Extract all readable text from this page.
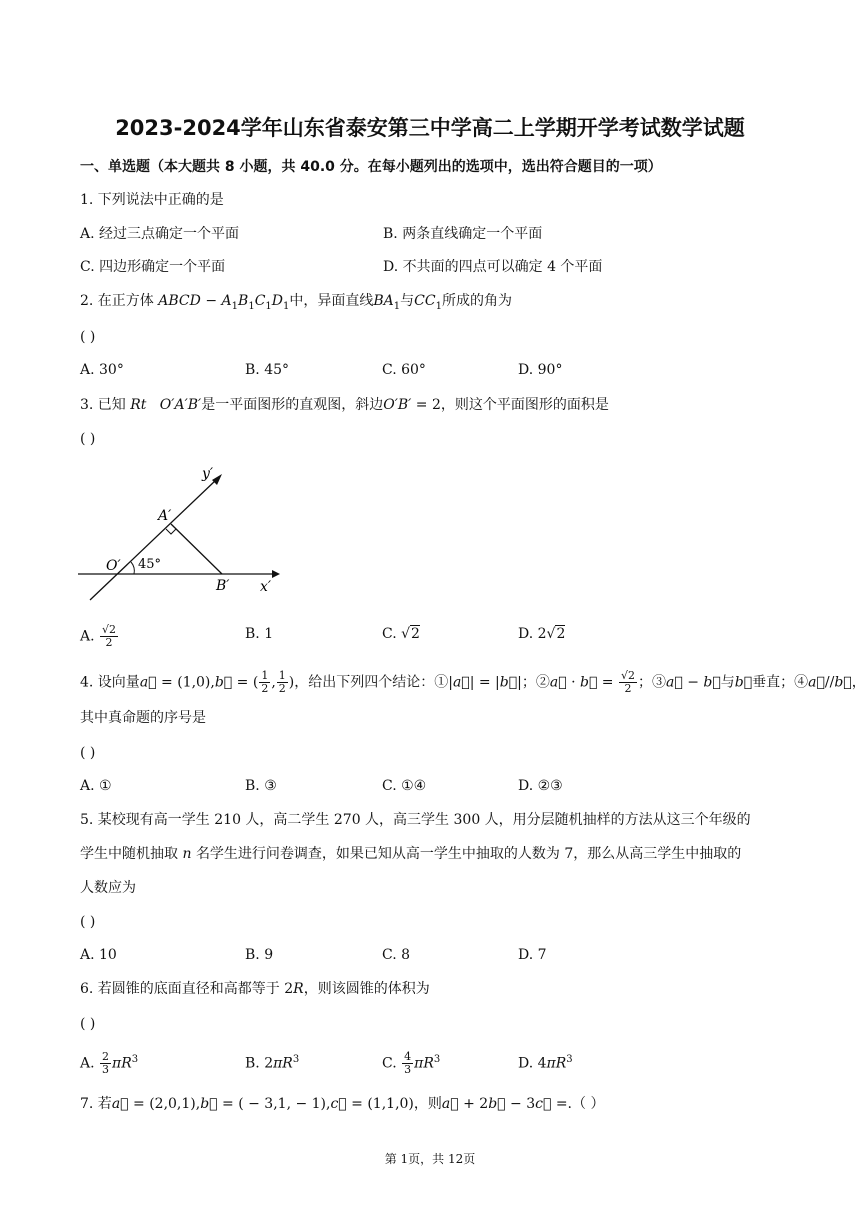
2023-2024学年山东省泰安第三中学高二上学期开学考试数学试题
一、单选题（本大题共 8 小题，共 40.0 分。在每小题列出的选项中，选出符合题目的一项）
1. 下列说法中正确的是
A. 经过三点确定一个平面	B. 两条直线确定一个平面
C. 四边形确定一个平面	D. 不共面的四点可以确定 4 个平面
2. 在正方体 ABCD − $A_1B_1C_1D_1$中，异面直线$BA_1$与$CC_1$所成的角为
( )
A. 30°	B. 45°	C. 60°	D. 90°
3. 已知 Rt O′A′B′是一平面图形的直观图，斜边O′B′ = 2，则这个平面图形的面积是
( )
y′
A′
O′ 45°
B′ x′
A. $\frac{√2}{2}$	B. 1	C. √2	D. 2√2
4. 设向量a⃗ = (1,0),b⃗ = ( $\frac{1}{2}$ , $\frac{1}{2}$ )，给出下列四个结论：①|a⃗| = |b⃗|；②a⃗ · b⃗ = $\frac{√2}{2}$ ；③a⃗ − b⃗与b⃗垂直；④a⃗//b⃗，
其中真命题的序号是
( )
A. ①	B. ③	C. ①④	D. ②③
5. 某校现有高一学生 210 人，高二学生 270 人，高三学生 300 人，用分层随机抽样的方法从这三个年级的
学生中随机抽取 n 名学生进行问卷调查，如果已知从高一学生中抽取的人数为 7，那么从高三学生中抽取的
人数应为
( )
A. 10	B. 9	C. 8	D. 7
6. 若圆锥的底面直径和高都等于 2R，则该圆锥的体积为
( )
A. $\frac{2}{3} \pi R^3$	B. $2\pi R^3$	C. $\frac{4}{3} \pi R^3$	D. $4\pi R^3$
7. 若a⃗ = (2,0,1),b⃗ = ( − 3,1, − 1),c⃗ = (1,1,0)，则a⃗ + 2b⃗ − 3c⃗ =.（ ）
第 1页，共 12页
